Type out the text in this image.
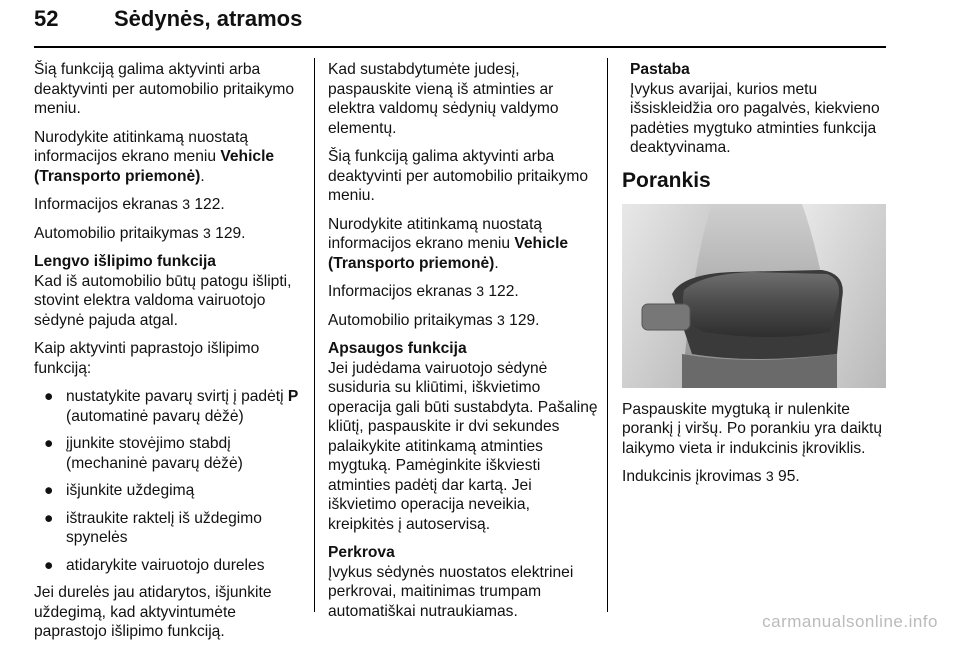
52	Sėdynės, atramos

Šią funkciją galima aktyvinti arba deaktyvinti per automobilio pritaikymo meniu.

Nurodykite atitinkamą nuostatą informacijos ekrano meniu Vehicle (Transporto priemonė).

Informacijos ekranas 3 122.

Automobilio pritaikymas 3 129.

Lengvo išlipimo funkcija

Kad iš automobilio būtų patogu išlipti, stovint elektra valdoma vairuotojo sėdynė pajuda atgal.

Kaip aktyvinti paprastojo išlipimo funkciją:

● nustatykite pavarų svirtį į padėtį P (automatinė pavarų dėžė)
● įjunkite stovėjimo stabdį (mechaninė pavarų dėžė)
● išjunkite uždegimą
● ištraukite raktelį iš uždegimo spynelės
● atidarykite vairuotojo dureles

Jei durelės jau atidarytos, išjunkite uždegimą, kad aktyvintumėte paprastojo išlipimo funkciją.

Kad sustabdytumėte judesį, paspauskite vieną iš atminties ar elektra valdomų sėdynių valdymo elementų.

Šią funkciją galima aktyvinti arba deaktyvinti per automobilio pritaikymo meniu.

Nurodykite atitinkamą nuostatą informacijos ekrano meniu Vehicle (Transporto priemonė).

Informacijos ekranas 3 122.

Automobilio pritaikymas 3 129.

Apsaugos funkcija

Jei judėdama vairuotojo sėdynė susiduria su kliūtimi, iškvietimo operacija gali būti sustabdyta. Pašalinę kliūtį, paspauskite ir dvi sekundes palaikykite atitinkamą atminties mygtuką. Pamėginkite iškviesti atminties padėtį dar kartą. Jei iškvietimo operacija neveikia, kreipkitės į autoservisą.

Perkrova

Įvykus sėdynės nuostatos elektrinei perkrovai, maitinimas trumpam automatiškai nutraukiamas.

Pastaba
Įvykus avarijai, kurios metu išsiskleidžia oro pagalvės, kiekvieno padėties mygtuko atminties funkcija deaktyvinama.
Porankis

Paspauskite mygtuką ir nulenkite porankį į viršų. Po porankiu yra daiktų laikymo vieta ir indukcinis įkroviklis.

Indukcinis įkrovimas 3 95.

carmanualsonline.info
